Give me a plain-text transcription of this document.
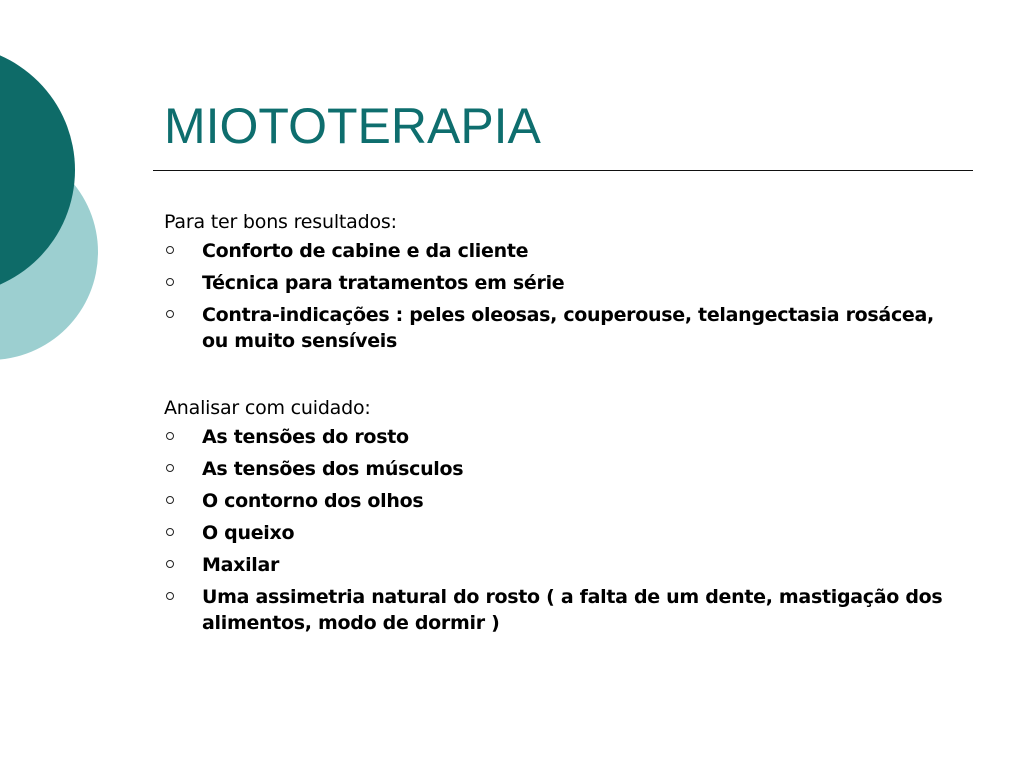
MIOTOTERAPIA

Para ter bons resultados:

Conforto de cabine e da cliente
Técnica para tratamentos em série
Contra-indicações : peles oleosas, couperouse, telangectasia rosácea, ou muito sensíveis

Analisar com cuidado:

As tensões do rosto
As tensões dos músculos
O contorno dos olhos
O queixo
Maxilar
Uma assimetria natural do rosto ( a falta de um dente, mastigação dos alimentos, modo de dormir )
